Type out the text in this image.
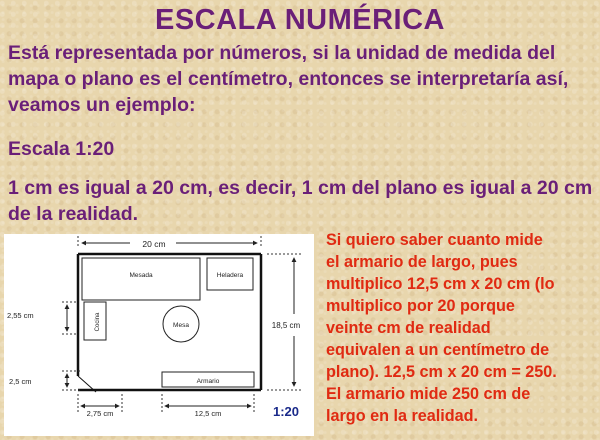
ESCALA NUMÉRICA
Está representada por números, si la unidad de medida del mapa o plano es el centímetro, entonces se interpretaría así, veamos un ejemplo:
Escala 1:20
1 cm es igual a 20 cm, es decir, 1 cm del plano es igual a 20 cm de la realidad.
20 cm
Mesada	Heladera
Cocina	Mesa
Armario
18,5 cm
2,55 cm
2,5 cm
2,75 cm	12,5 cm	1:20
Si quiero saber cuanto mide
el armario de largo, pues
multiplico 12,5 cm x 20 cm (lo
multiplico por 20 porque
veinte cm de realidad
equivalen a un centímetro de
plano). 12,5 cm x 20 cm = 250.
El armario mide 250 cm de
largo en la realidad.
